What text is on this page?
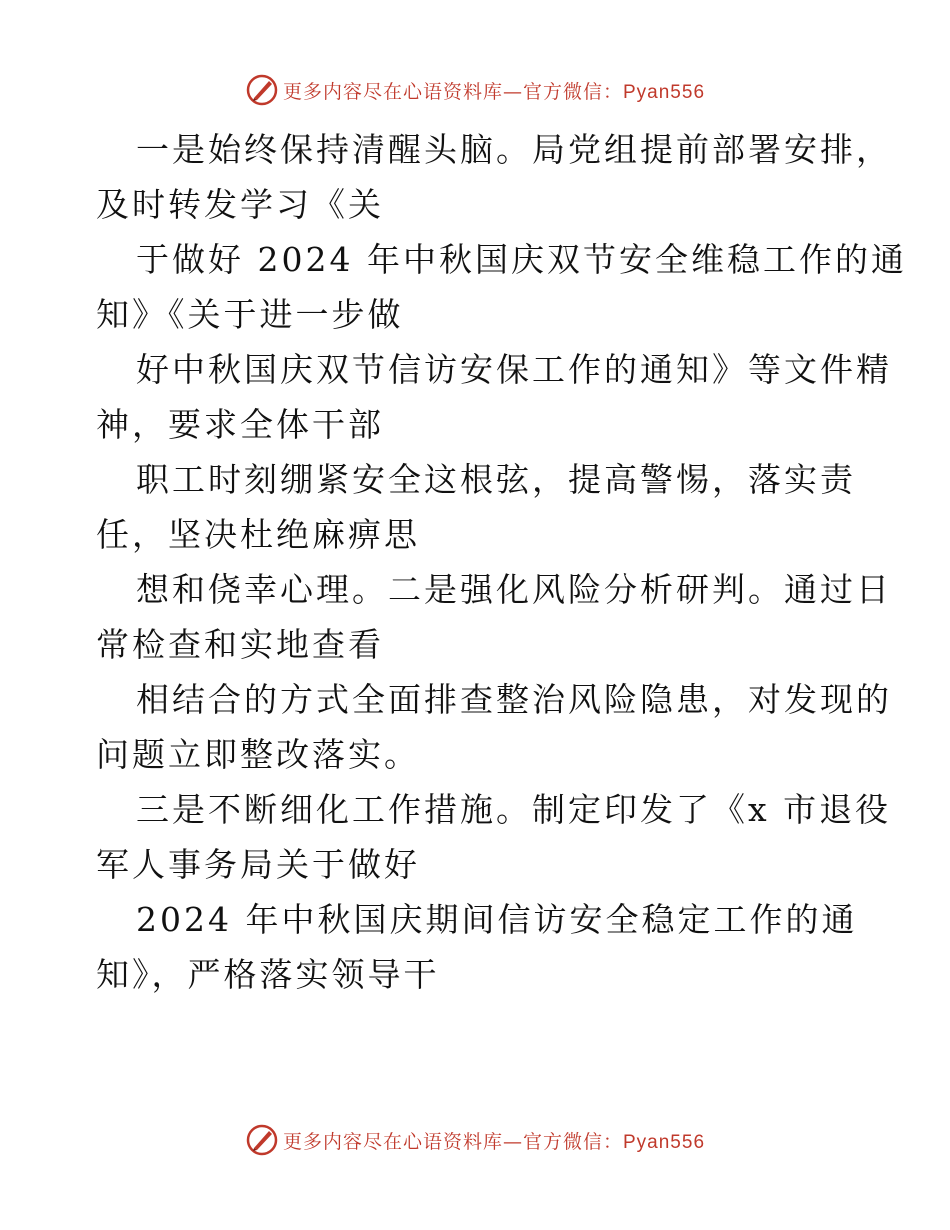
更多内容尽在心语资料库—官方微信：Pyan556
一是始终保持清醒头脑。局党组提前部署安排，
及时转发学习《关
于做好 2024 年中秋国庆双节安全维稳工作的通
知》《关于进一步做
好中秋国庆双节信访安保工作的通知》等文件精
神，要求全体干部
职工时刻绷紧安全这根弦，提高警惕，落实责
任，坚决杜绝麻痹思
想和侥幸心理。二是强化风险分析研判。通过日
常检查和实地查看
相结合的方式全面排查整治风险隐患，对发现的
问题立即整改落实。
三是不断细化工作措施。制定印发了《x 市退役
军人事务局关于做好
2024 年中秋国庆期间信访安全稳定工作的通
知》，严格落实领导干
更多内容尽在心语资料库—官方微信：Pyan556
